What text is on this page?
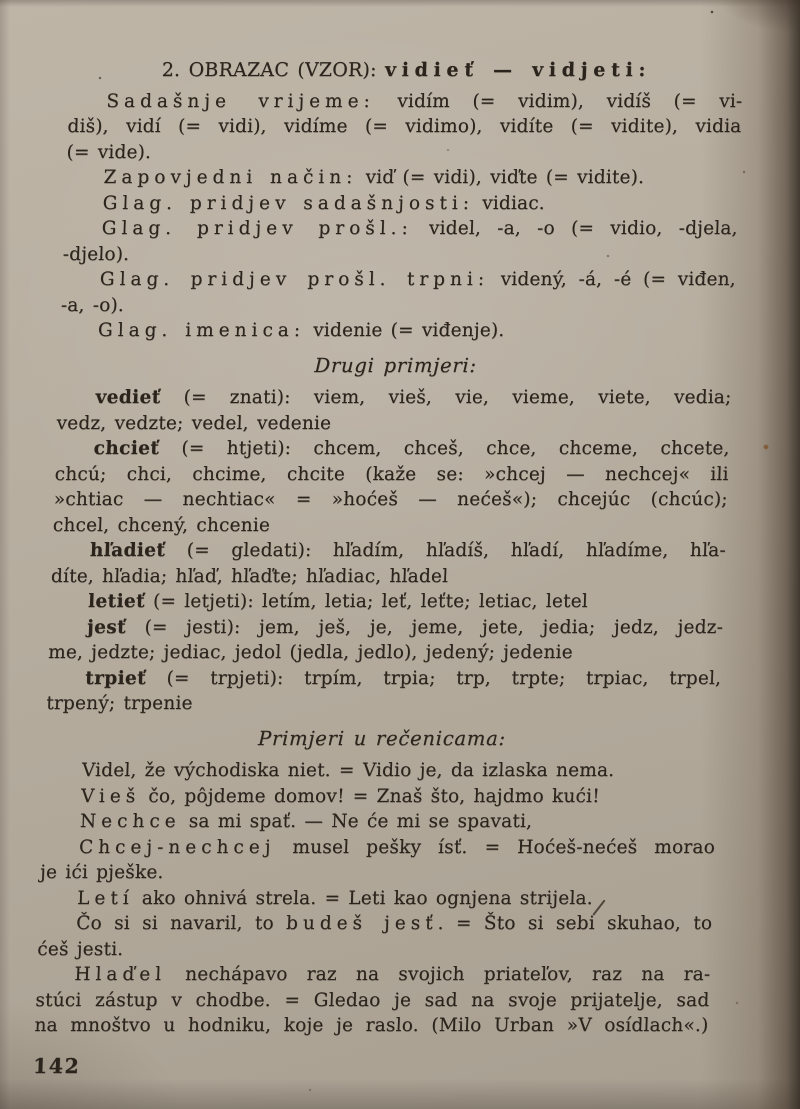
2. OBRAZAC (VZOR): vidieť — vidjeti:
Sadašnje vrijeme: vidím (= vidim), vidíš (= vi-
diš), vidí (= vidi), vidíme (= vidimo), vidíte (= vidite), vidia
(= vide).
Zapovjedni način: viď (= vidi), viďte (= vidite).
Glag. pridjev sadašnjosti: vidiac.
Glag. pridjev prošl.: videl, -a, -o (= vidio, -djela,
-djelo).
Glag. pridjev prošl. trpni: videný, -á, -é (= viđen,
-a, -o).
Glag. imenica: videnie (= viđenje).
Drugi primjeri:
vedieť (= znati): viem, vieš, vie, vieme, viete, vedia;
vedz, vedzte; vedel, vedenie
chcieť (= htjeti): chcem, chceš, chce, chceme, chcete,
chcú; chci, chcime, chcite (kaže se: »chcej — nechcej« ili
»chtiac — nechtiac« = »hoćeš — nećeš«); chcejúc (chcúc);
chcel, chcený, chcenie
hľadieť (= gledati): hľadím, hľadíš, hľadí, hľadíme, hľa-
díte, hľadia; hľaď, hľaďte; hľadiac, hľadel
letieť (= letjeti): letím, letia; leť, leťte; letiac, letel
jesť (= jesti): jem, ješ, je, jeme, jete, jedia; jedz, jedz-
me, jedzte; jediac, jedol (jedla, jedlo), jedený; jedenie
trpieť (= trpjeti): trpím, trpia; trp, trpte; trpiac, trpel,
trpený; trpenie
Primjeri u rečenicama:
Videl, že východiska niet. = Vidio je, da izlaska nema.
Vieš čo, pôjdeme domov! = Znaš što, hajdmo kući!
Nechce sa mi spať. — Ne će mi se spavati,
Chcej-nechcej musel pešky ísť. = Hoćeš-nećeš morao
je ići pješke.
Letí ako ohnivá strela. = Leti kao ognjena strijela.
Čo si si navaril, to budeš jesť. = Što si sebi skuhao, to
ćeš jesti.
Hlaďel nechápavo raz na svojich priateľov, raz na ra-
stúci zástup v chodbe. = Gledao je sad na svoje prijatelje, sad
na mnoštvo u hodniku, koje je raslo. (Milo Urban »V osídlach«.)
142
